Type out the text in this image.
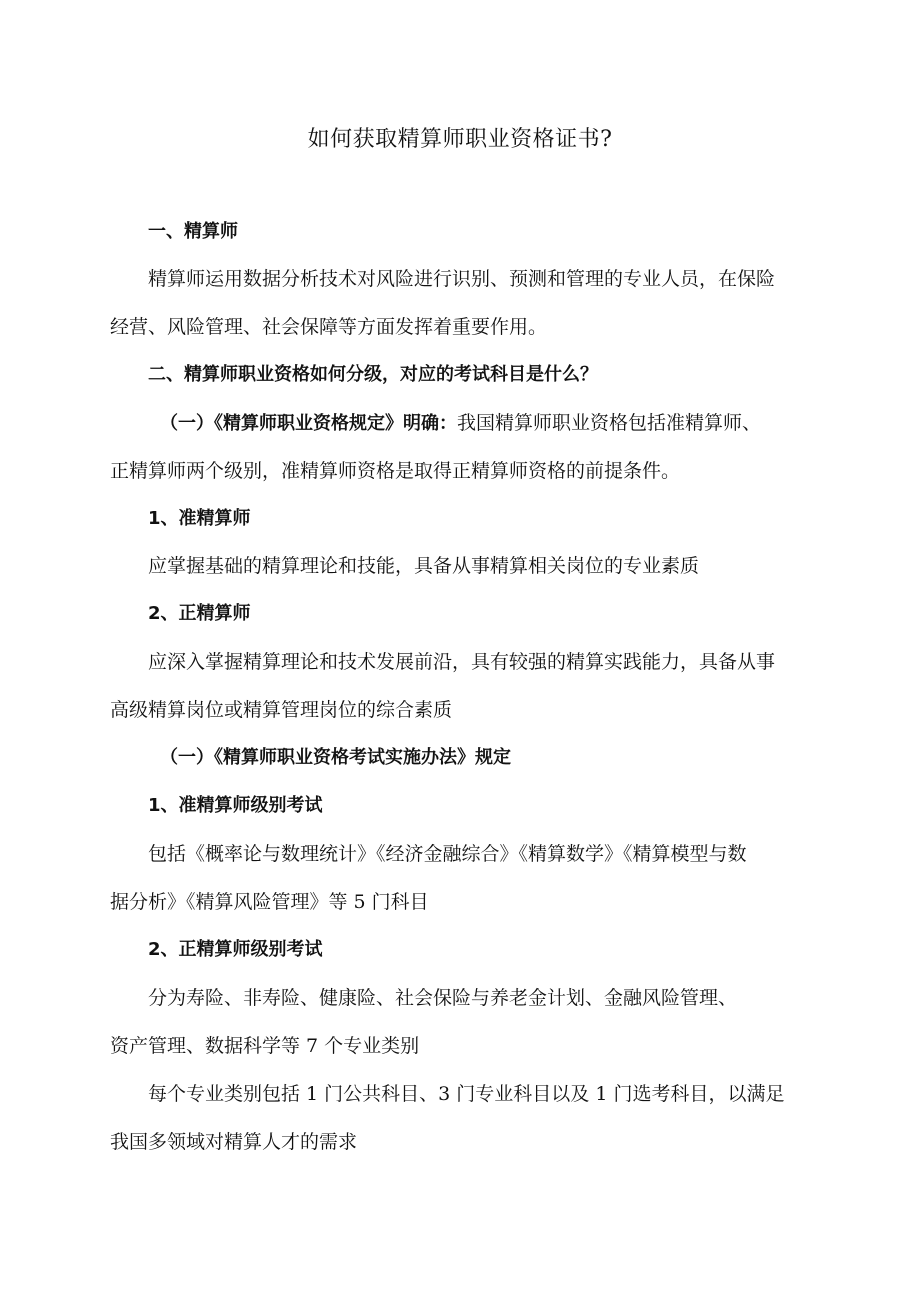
如何获取精算师职业资格证书?

一、精算师

精算师运用数据分析技术对风险进行识别、预测和管理的专业人员，在保险

经营、风险管理、社会保障等方面发挥着重要作用。

二、精算师职业资格如何分级，对应的考试科目是什么？

（一）《精算师职业资格规定》明确：我国精算师职业资格包括准精算师、

正精算师两个级别，准精算师资格是取得正精算师资格的前提条件。

1、准精算师

应掌握基础的精算理论和技能，具备从事精算相关岗位的专业素质

2、正精算师

应深入掌握精算理论和技术发展前沿，具有较强的精算实践能力，具备从事

高级精算岗位或精算管理岗位的综合素质

（一）《精算师职业资格考试实施办法》规定

1、准精算师级别考试

包括《概率论与数理统计》《经济金融综合》《精算数学》《精算模型与数

据分析》《精算风险管理》等 5 门科目

2、正精算师级别考试

分为寿险、非寿险、健康险、社会保险与养老金计划、金融风险管理、

资产管理、数据科学等 7 个专业类别

每个专业类别包括 1 门公共科目、3 门专业科目以及 1 门选考科目，以满足

我国多领域对精算人才的需求
